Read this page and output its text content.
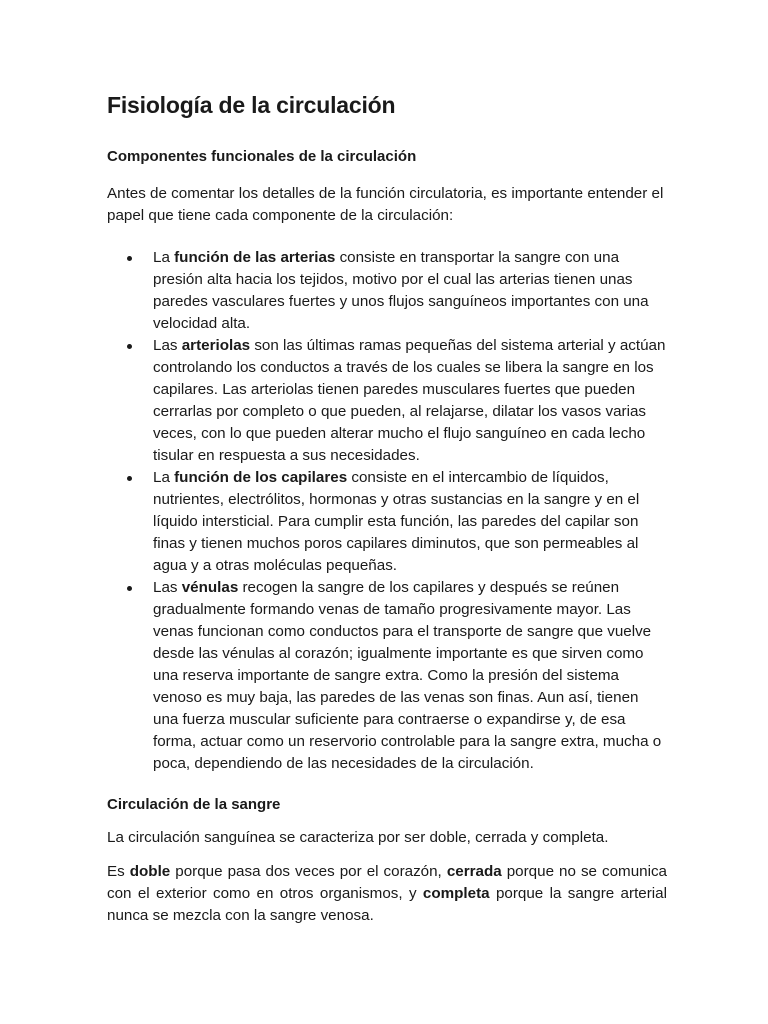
Fisiología de la circulación
Componentes funcionales de la circulación

Antes de comentar los detalles de la función circulatoria, es importante entender el papel que tiene cada componente de la circulación:

La función de las arterias consiste en transportar la sangre con una presión alta hacia los tejidos, motivo por el cual las arterias tienen unas paredes vasculares fuertes y unos flujos sanguíneos importantes con una velocidad alta.
Las arteriolas son las últimas ramas pequeñas del sistema arterial y actúan controlando los conductos a través de los cuales se libera la sangre en los capilares. Las arteriolas tienen paredes musculares fuertes que pueden cerrarlas por completo o que pueden, al relajarse, dilatar los vasos varias veces, con lo que pueden alterar mucho el flujo sanguíneo en cada lecho tisular en respuesta a sus necesidades.
La función de los capilares consiste en el intercambio de líquidos, nutrientes, electrólitos, hormonas y otras sustancias en la sangre y en el líquido intersticial. Para cumplir esta función, las paredes del capilar son finas y tienen muchos poros capilares diminutos, que son permeables al agua y a otras moléculas pequeñas.
Las vénulas recogen la sangre de los capilares y después se reúnen gradualmente formando venas de tamaño progresivamente mayor. Las venas funcionan como conductos para el transporte de sangre que vuelve desde las vénulas al corazón; igualmente importante es que sirven como una reserva importante de sangre extra. Como la presión del sistema venoso es muy baja, las paredes de las venas son finas. Aun así, tienen una fuerza muscular suficiente para contraerse o expandirse y, de esa forma, actuar como un reservorio controlable para la sangre extra, mucha o poca, dependiendo de las necesidades de la circulación.
Circulación de la sangre

La circulación sanguínea se caracteriza por ser doble, cerrada y completa.

Es doble porque pasa dos veces por el corazón, cerrada porque no se comunica con el exterior como en otros organismos, y completa porque la sangre arterial nunca se mezcla con la sangre venosa.
